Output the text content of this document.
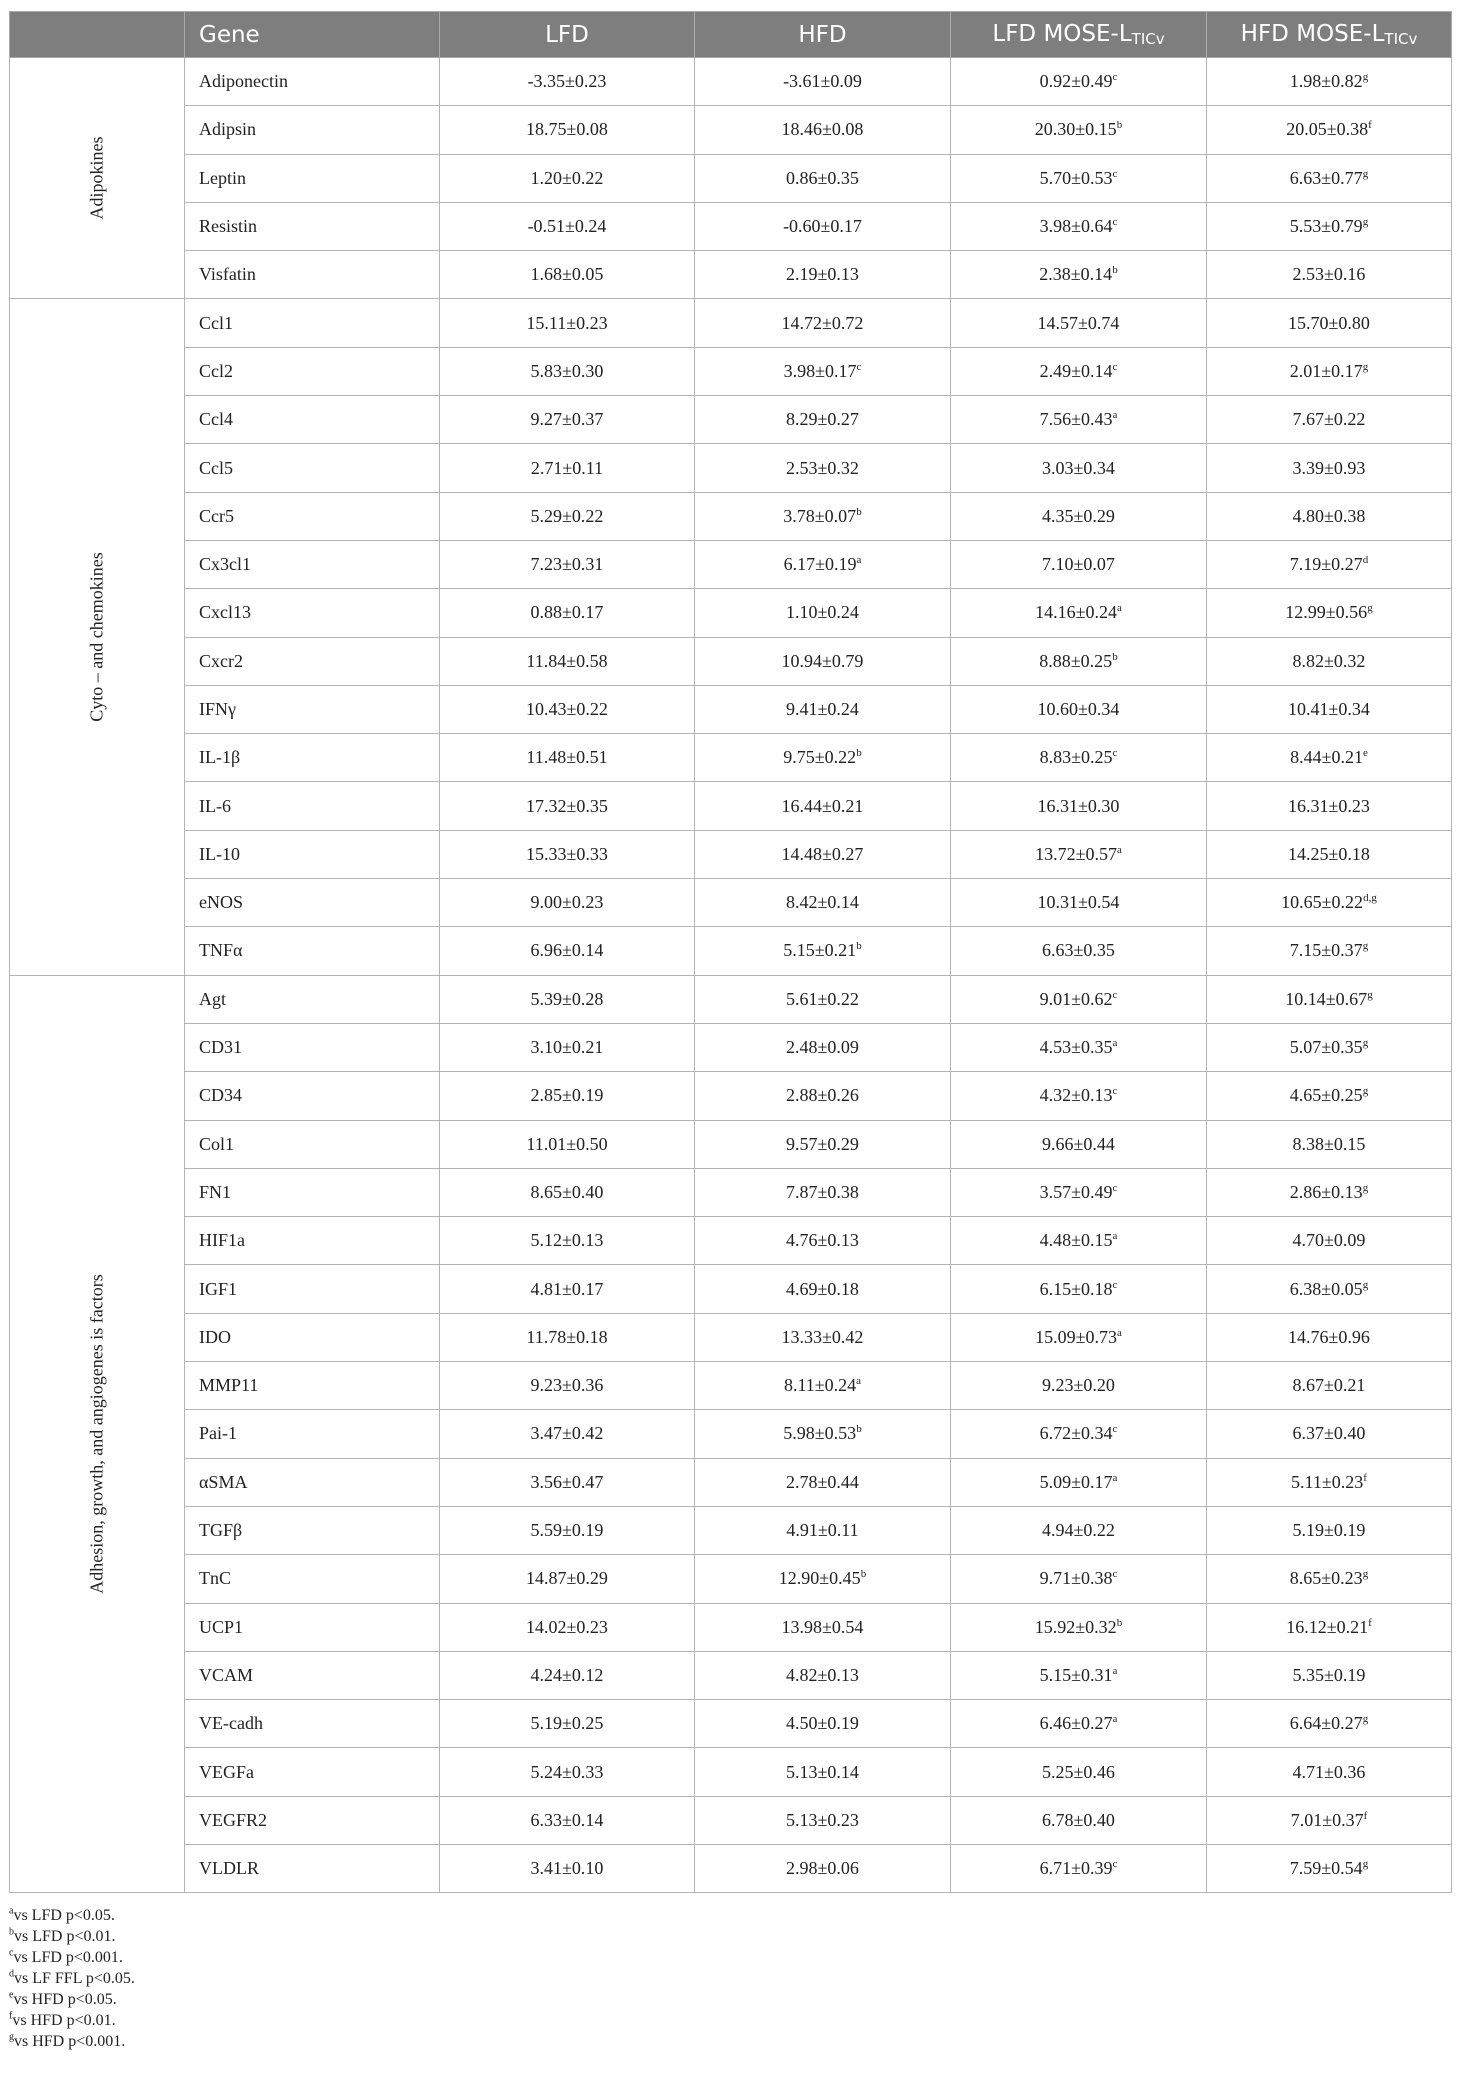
	Gene	LFD	HFD	LFD MOSE-LTICv	HFD MOSE-LTICv

Adipokines	Adiponectin	-3.35±0.23	-3.61±0.09	0.92±0.49$^c$	1.98±0.82$^g$
	Adipsin	18.75±0.08	18.46±0.08	20.30±0.15$^b$	20.05±0.38$^f$
	Leptin	1.20±0.22	0.86±0.35	5.70±0.53$^c$	6.63±0.77$^g$
	Resistin	-0.51±0.24	-0.60±0.17	3.98±0.64$^c$	5.53±0.79$^g$
	Visfatin	1.68±0.05	2.19±0.13	2.38±0.14$^b$	2.53±0.16

Cyto – and chemokines	Ccl1	15.11±0.23	14.72±0.72	14.57±0.74	15.70±0.80
	Ccl2	5.83±0.30	3.98±0.17$^c$	2.49±0.14$^c$	2.01±0.17$^g$
	Ccl4	9.27±0.37	8.29±0.27	7.56±0.43$^a$	7.67±0.22
	Ccl5	2.71±0.11	2.53±0.32	3.03±0.34	3.39±0.93
	Ccr5	5.29±0.22	3.78±0.07$^b$	4.35±0.29	4.80±0.38
	Cx3cl1	7.23±0.31	6.17±0.19$^a$	7.10±0.07	7.19±0.27$^d$
	Cxcl13	0.88±0.17	1.10±0.24	14.16±0.24$^a$	12.99±0.56$^g$
	Cxcr2	11.84±0.58	10.94±0.79	8.88±0.25$^b$	8.82±0.32
	IFNγ	10.43±0.22	9.41±0.24	10.60±0.34	10.41±0.34
	IL-1β	11.48±0.51	9.75±0.22$^b$	8.83±0.25$^c$	8.44±0.21$^e$
	IL-6	17.32±0.35	16.44±0.21	16.31±0.30	16.31±0.23
	IL-10	15.33±0.33	14.48±0.27	13.72±0.57$^a$	14.25±0.18
	eNOS	9.00±0.23	8.42±0.14	10.31±0.54	$10.65\pm 0.22^{d,g}$
	TNFα	6.96±0.14	5.15±0.21$^b$	6.63±0.35	7.15±0.37$^g$

Adhesion, growth, and angiogenes is factors	Agt	5.39±0.28	5.61±0.22	9.01±0.62$^c$	10.14±0.67$^g$
	CD31	3.10±0.21	2.48±0.09	4.53±0.35$^a$	5.07±0.35$^g$
	CD34	2.85±0.19	2.88±0.26	4.32±0.13$^c$	4.65±0.25$^g$
	Col1	11.01±0.50	9.57±0.29	9.66±0.44	8.38±0.15
	FN1	8.65±0.40	7.87±0.38	3.57±0.49$^c$	2.86±0.13$^g$
	HIF1a	5.12±0.13	4.76±0.13	4.48±0.15$^a$	4.70±0.09
	IGF1	4.81±0.17	4.69±0.18	6.15±0.18$^c$	6.38±0.05$^g$
	IDO	11.78±0.18	13.33±0.42	15.09±0.73$^a$	14.76±0.96
	MMP11	9.23±0.36	8.11±0.24$^a$	9.23±0.20	8.67±0.21
	Pai-1	3.47±0.42	5.98±0.53$^b$	6.72±0.34$^c$	6.37±0.40
	αSMA	3.56±0.47	2.78±0.44	5.09±0.17$^a$	5.11±0.23$^f$
	TGFβ	5.59±0.19	4.91±0.11	4.94±0.22	5.19±0.19
	TnC	14.87±0.29	12.90±0.45$^b$	9.71±0.38$^c$	8.65±0.23$^g$
	UCP1	14.02±0.23	13.98±0.54	15.92±0.32$^b$	16.12±0.21$^f$
	VCAM	4.24±0.12	4.82±0.13	5.15±0.31$^a$	5.35±0.19
	VE-cadh	5.19±0.25	4.50±0.19	6.46±0.27$^a$	6.64±0.27$^g$
	VEGFa	5.24±0.33	5.13±0.14	5.25±0.46	4.71±0.36
	VEGFR2	6.33±0.14	5.13±0.23	6.78±0.40	7.01±0.37$^f$
	VLDLR	3.41±0.10	2.98±0.06	6.71±0.39$^c$	7.59±0.54$^g$
$^a$vs LFD p<0.05.
$^b$vs LFD p<0.01.
$^c$vs LFD p<0.001.
$^d$vs LF FFL p<0.05.
$^e$vs HFD p<0.05.
$^f$vs HFD p<0.01.
$^g$vs HFD p<0.001.
